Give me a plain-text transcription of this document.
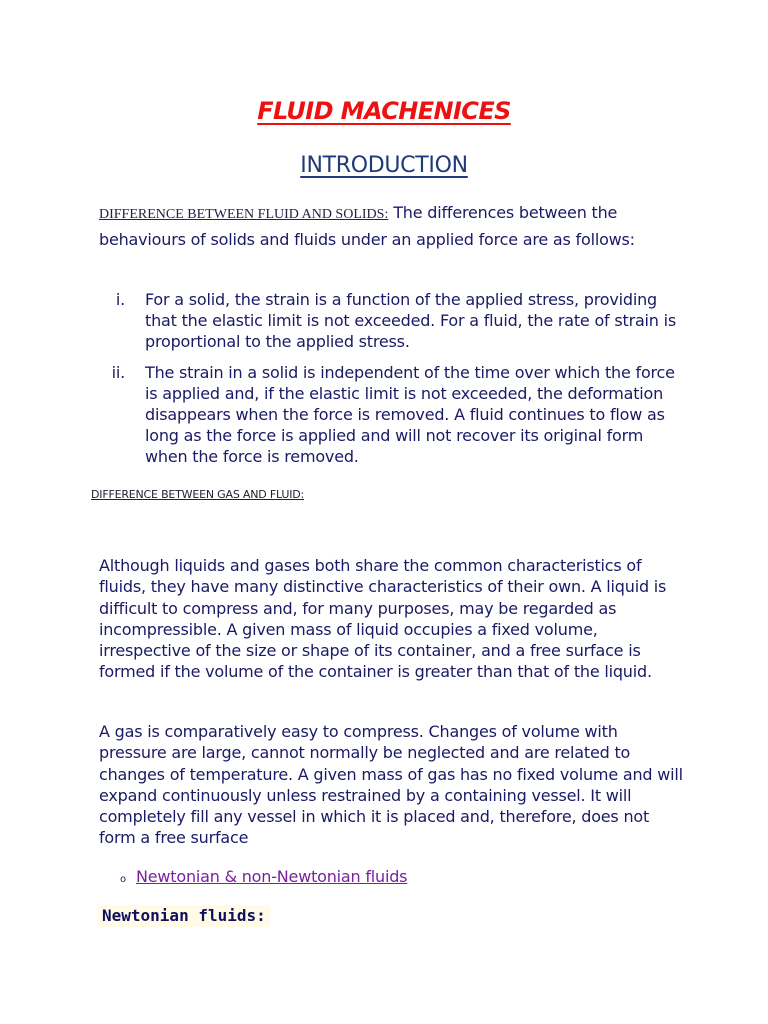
FLUID MACHENICES
INTRODUCTION

DIFFERENCE BETWEEN FLUID AND SOLIDS: The differences between the behaviours of solids and fluids under an applied force are as follows:

i. For a solid, the strain is a function of the applied stress, providing that the elastic limit is not exceeded. For a fluid, the rate of strain is proportional to the applied stress.
ii. The strain in a solid is independent of the time over which the force is applied and, if the elastic limit is not exceeded, the deformation disappears when the force is removed. A fluid continues to flow as long as the force is applied and will not recover its original form when the force is removed.

DIFFERENCE BETWEEN GAS AND FLUID:

Although liquids and gases both share the common characteristics of fluids, they have many distinctive characteristics of their own. A liquid is difficult to compress and, for many purposes, may be regarded as incompressible. A given mass of liquid occupies a fixed volume, irrespective of the size or shape of its container, and a free surface is formed if the volume of the container is greater than that of the liquid.

A gas is comparatively easy to compress. Changes of volume with pressure are large, cannot normally be neglected and are related to changes of temperature. A given mass of gas has no fixed volume and will expand continuously unless restrained by a containing vessel. It will completely fill any vessel in which it is placed and, therefore, does not form a free surface

o Newtonian & non-Newtonian fluids

Newtonian fluids:
